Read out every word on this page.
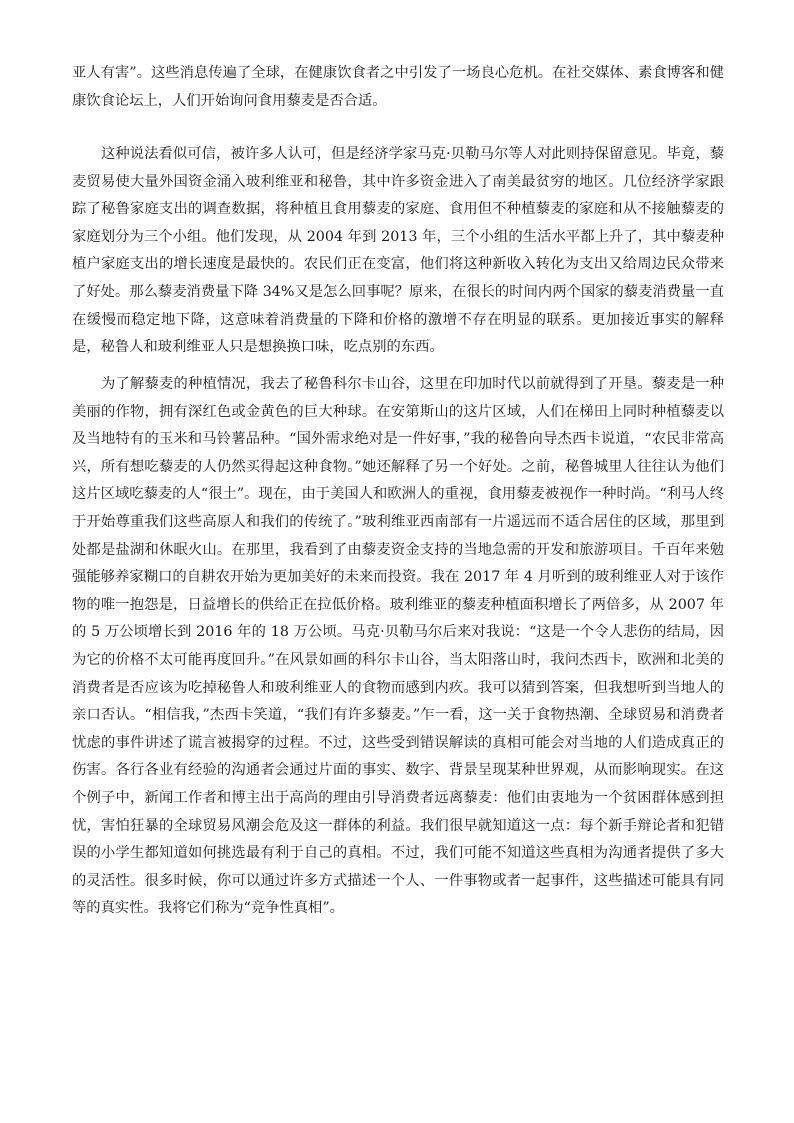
亚人有害”。这些消息传遍了全球，在健康饮食者之中引发了一场良心危机。在社交媒体、素食博客和健康饮食论坛上，人们开始询问食用藜麦是否合适。

这种说法看似可信，被许多人认可，但是经济学家马克·贝勒马尔等人对此则持保留意见。毕竟，藜麦贸易使大量外国资金涌入玻利维亚和秘鲁，其中许多资金进入了南美最贫穷的地区。几位经济学家跟踪了秘鲁家庭支出的调查数据，将种植且食用藜麦的家庭、食用但不种植藜麦的家庭和从不接触藜麦的家庭划分为三个小组。他们发现，从 2004 年到 2013 年，三个小组的生活水平都上升了，其中藜麦种植户家庭支出的增长速度是最快的。农民们正在变富，他们将这种新收入转化为支出又给周边民众带来了好处。那么藜麦消费量下降 34%又是怎么回事呢？原来，在很长的时间内两个国家的藜麦消费量一直在缓慢而稳定地下降，这意味着消费量的下降和价格的激增不存在明显的联系。更加接近事实的解释是，秘鲁人和玻利维亚人只是想换换口味，吃点别的东西。

为了解藜麦的种植情况，我去了秘鲁科尔卡山谷，这里在印加时代以前就得到了开垦。藜麦是一种美丽的作物，拥有深红色或金黄色的巨大种球。在安第斯山的这片区域，人们在梯田上同时种植藜麦以及当地特有的玉米和马铃薯品种。“国外需求绝对是一件好事，”我的秘鲁向导杰西卡说道，“农民非常高兴，所有想吃藜麦的人仍然买得起这种食物。”她还解释了另一个好处。之前，秘鲁城里人往往认为他们这片区域吃藜麦的人“很土”。现在，由于美国人和欧洲人的重视，食用藜麦被视作一种时尚。“利马人终于开始尊重我们这些高原人和我们的传统了。”玻利维亚西南部有一片遥远而不适合居住的区域，那里到处都是盐湖和休眠火山。在那里，我看到了由藜麦资金支持的当地急需的开发和旅游项目。千百年来勉强能够养家糊口的自耕农开始为更加美好的未来而投资。我在 2017 年 4 月听到的玻利维亚人对于该作物的唯一抱怨是，日益增长的供给正在拉低价格。玻利维亚的藜麦种植面积增长了两倍多，从 2007 年的 5 万公顷增长到 2016 年的 18 万公顷。马克·贝勒马尔后来对我说：“这是一个令人悲伤的结局，因为它的价格不太可能再度回升。”在风景如画的科尔卡山谷，当太阳落山时，我问杰西卡，欧洲和北美的消费者是否应该为吃掉秘鲁人和玻利维亚人的食物而感到内疚。我可以猜到答案，但我想听到当地人的亲口否认。“相信我，”杰西卡笑道，“我们有许多藜麦。”乍一看，这一关于食物热潮、全球贸易和消费者忧虑的事件讲述了谎言被揭穿的过程。不过，这些受到错误解读的真相可能会对当地的人们造成真正的伤害。各行各业有经验的沟通者会通过片面的事实、数字、背景呈现某种世界观，从而影响现实。在这个例子中，新闻工作者和博主出于高尚的理由引导消费者远离藜麦：他们由衷地为一个贫困群体感到担忧，害怕狂暴的全球贸易风潮会危及这一群体的利益。我们很早就知道这一点：每个新手辩论者和犯错误的小学生都知道如何挑选最有利于自己的真相。不过，我们可能不知道这些真相为沟通者提供了多大的灵活性。很多时候，你可以通过许多方式描述一个人、一件事物或者一起事件，这些描述可能具有同等的真实性。我将它们称为“竞争性真相”。
